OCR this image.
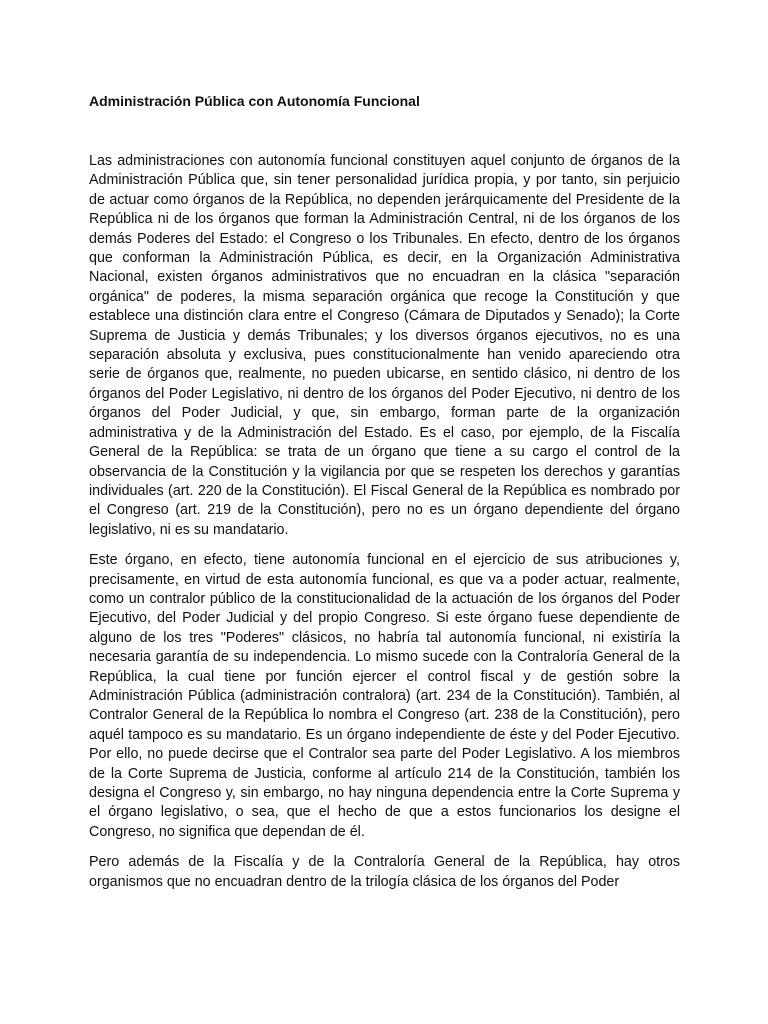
Administración Pública con Autonomía Funcional

Las administraciones con autonomía funcional constituyen aquel conjunto de órganos de la Administración Pública que, sin tener personalidad jurídica propia, y por tanto, sin perjuicio de actuar como órganos de la República, no dependen jerárquicamente del Presidente de la República ni de los órganos que forman la Administración Central, ni de los órganos de los demás Poderes del Estado: el Congreso o los Tribunales. En efecto, dentro de los órganos que conforman la Administración Pública, es decir, en la Organización Administrativa Nacional, existen órganos administrativos que no encuadran en la clásica "separación orgánica" de poderes, la misma separación orgánica que recoge la Constitución y que establece una distinción clara entre el Congreso (Cámara de Diputados y Senado); la Corte Suprema de Justicia y demás Tribunales; y los diversos órganos ejecutivos, no es una separación absoluta y exclusiva, pues constitucionalmente han venido apareciendo otra serie de órganos que, realmente, no pueden ubicarse, en sentido clásico, ni dentro de los órganos del Poder Legislativo, ni dentro de los órganos del Poder Ejecutivo, ni dentro de los órganos del Poder Judicial, y que, sin embargo, forman parte de la organización administrativa y de la Administración del Estado. Es el caso, por ejemplo, de la Fiscalía General de la República: se trata de un órgano que tiene a su cargo el control de la observancia de la Constitución y la vigilancia por que se respeten los derechos y garantías individuales (art. 220 de la Constitución). El Fiscal General de la República es nombrado por el Congreso (art. 219 de la Constitución), pero no es un órgano dependiente del órgano legislativo, ni es su mandatario.

Este órgano, en efecto, tiene autonomía funcional en el ejercicio de sus atribuciones y, precisamente, en virtud de esta autonomía funcional, es que va a poder actuar, realmente, como un contralor público de la constitucionalidad de la actuación de los órganos del Poder Ejecutivo, del Poder Judicial y del propio Congreso. Si este órgano fuese dependiente de alguno de los tres "Poderes" clásicos, no habría tal autonomía funcional, ni existiría la necesaria garantía de su independencia. Lo mismo sucede con la Contraloría General de la República, la cual tiene por función ejercer el control fiscal y de gestión sobre la Administración Pública (administración contralora) (art. 234 de la Constitución). También, al Contralor General de la República lo nombra el Congreso (art. 238 de la Constitución), pero aquél tampoco es su mandatario. Es un órgano independiente de éste y del Poder Ejecutivo. Por ello, no puede decirse que el Contralor sea parte del Poder Legislativo. A los miembros de la Corte Suprema de Justicia, conforme al artículo 214 de la Constitución, también los designa el Congreso y, sin embargo, no hay ninguna dependencia entre la Corte Suprema y el órgano legislativo, o sea, que el hecho de que a estos funcionarios los designe el Congreso, no significa que dependan de él.

Pero además de la Fiscalía y de la Contraloría General de la República, hay otros organismos que no encuadran dentro de la trilogía clásica de los órganos del Poder
